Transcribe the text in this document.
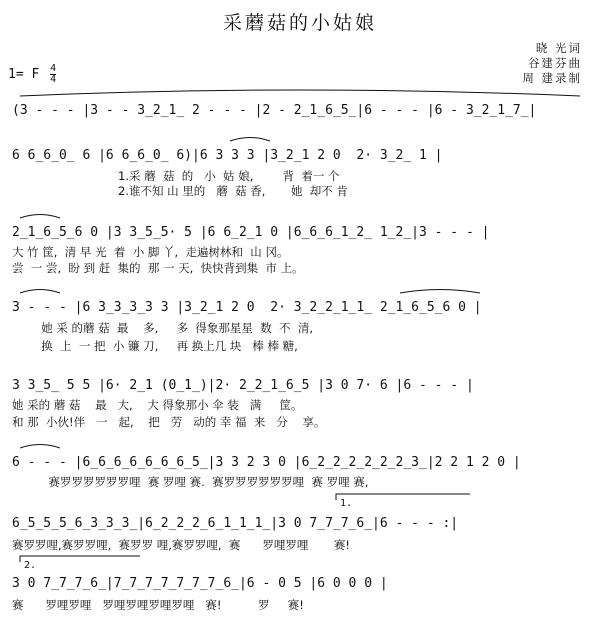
采蘑菇的小姑娘
晓 光词
谷建芬曲
周 建录制
1= F $\frac{4}{4}$
(3 - - - |3 - - 3̲2̲1̲ 2 - - - |2 - 2̲1̲6̲5̲|6 - - - |6 - 3̲2̲1̲7̲|
6 6̲6̲0̲ 6 |6 6̲6̲0̲ 6)|6 3 3 3 |3̲2̲1 2 0  2· 3̲2̲ 1 |
1.采 蘑  菇  的   小  姑 娘,        背  着一 个
2.谁不知 山 里的   蘑  菇 香,       她  却不 肯
2̲1̲6̲5̲6 0 |3 3̲5̲5· 5 |6 6̲2̲1 0 |6̲6̲6̲1̲2̲ 1̲2̲|3 - - - |
大 竹 筐,  清 早 光  着  小 脚 丫,  走遍树林和  山 冈。
尝  一 尝,  盼 到 赶  集的  那 一 天,  快快背到集  市 上。
3 - - - |6 3̲3̲3̲3 3 |3̲2̲1 2 0  2· 3̲2̲2̲1̲1̲ 2̲1̲6̲5̲6 0 |
她 采 的蘑 菇  最    多,     多  得象那星星  数  不  清,
换  上  一 把  小 镰 刀,     再 换上几 块   棒 棒 糖,
3 3̲5̲ 5 5 |6· 2̲1 (0̲1̲)|2· 2̲2̲1̲6̲5 |3 0 7· 6 |6 - - - |
她 采的 蘑 菇    最   大,    大 得象那小 伞 装   满     筐。
和 那  小伙!伴   一   起,    把   劳   动的 幸 福  来   分    享。
6 - - - |6̲6̲6̲6̲6̲6̲6̲5̲|3 3 2 3 0 |6̲2̲2̲2̲2̲2̲2̲3̲|2 2 1 2 0 |
赛罗罗罗罗罗罗哩  赛 罗哩 赛.  赛罗罗罗罗罗罗哩  赛 罗哩 赛,
1.
6̲5̲5̲5̲6̲3̲3̲3̲|6̲2̲2̲2̲6̲1̲1̲1̲|3 0 7̲7̲7̲6̲|6 - - - :|
赛罗罗哩,赛罗罗哩,  赛罗罗 哩,赛罗罗哩,  赛      罗哩罗哩       赛!
2.
3 0 7̲7̲7̲6̲|7̲7̲7̲7̲7̲7̲7̲6̲|6 - 0 5 |6 0 0 0 |
赛      罗哩罗哩   罗哩罗哩罗哩罗哩   赛!          罗     赛!
